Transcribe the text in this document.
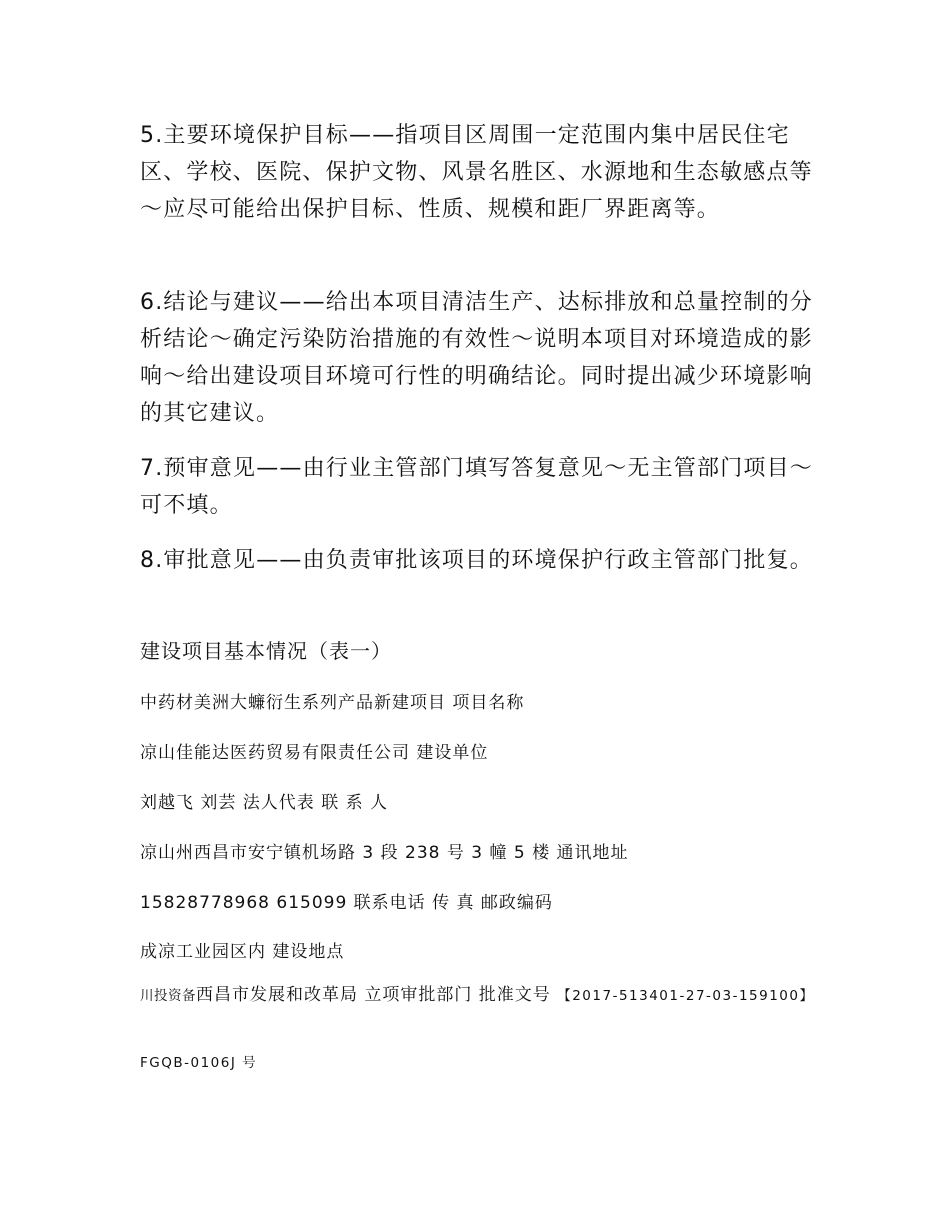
5.主要环境保护目标——指项目区周围一定范围内集中居民住宅区、学校、医院、保护文物、风景名胜区、水源地和生态敏感点等～应尽可能给出保护目标、性质、规模和距厂界距离等。

6.结论与建议——给出本项目清洁生产、达标排放和总量控制的分析结论～确定污染防治措施的有效性～说明本项目对环境造成的影响～给出建设项目环境可行性的明确结论。同时提出减少环境影响的其它建议。

7.预审意见——由行业主管部门填写答复意见～无主管部门项目～可不填。

8.审批意见——由负责审批该项目的环境保护行政主管部门批复。

建设项目基本情况（表一）

中药材美洲大蠊衍生系列产品新建项目 项目名称

凉山佳能达医药贸易有限责任公司 建设单位

刘越飞 刘芸 法人代表 联 系 人

凉山州西昌市安宁镇机场路 3 段 238 号 3 幢 5 楼 通讯地址

15828778968 615099 联系电话 传 真 邮政编码

成凉工业园区内 建设地点

川投资备西昌市发展和改革局 立项审批部门 批准文号 【2017-513401-27-03-159100】

FGQB-0106J 号
